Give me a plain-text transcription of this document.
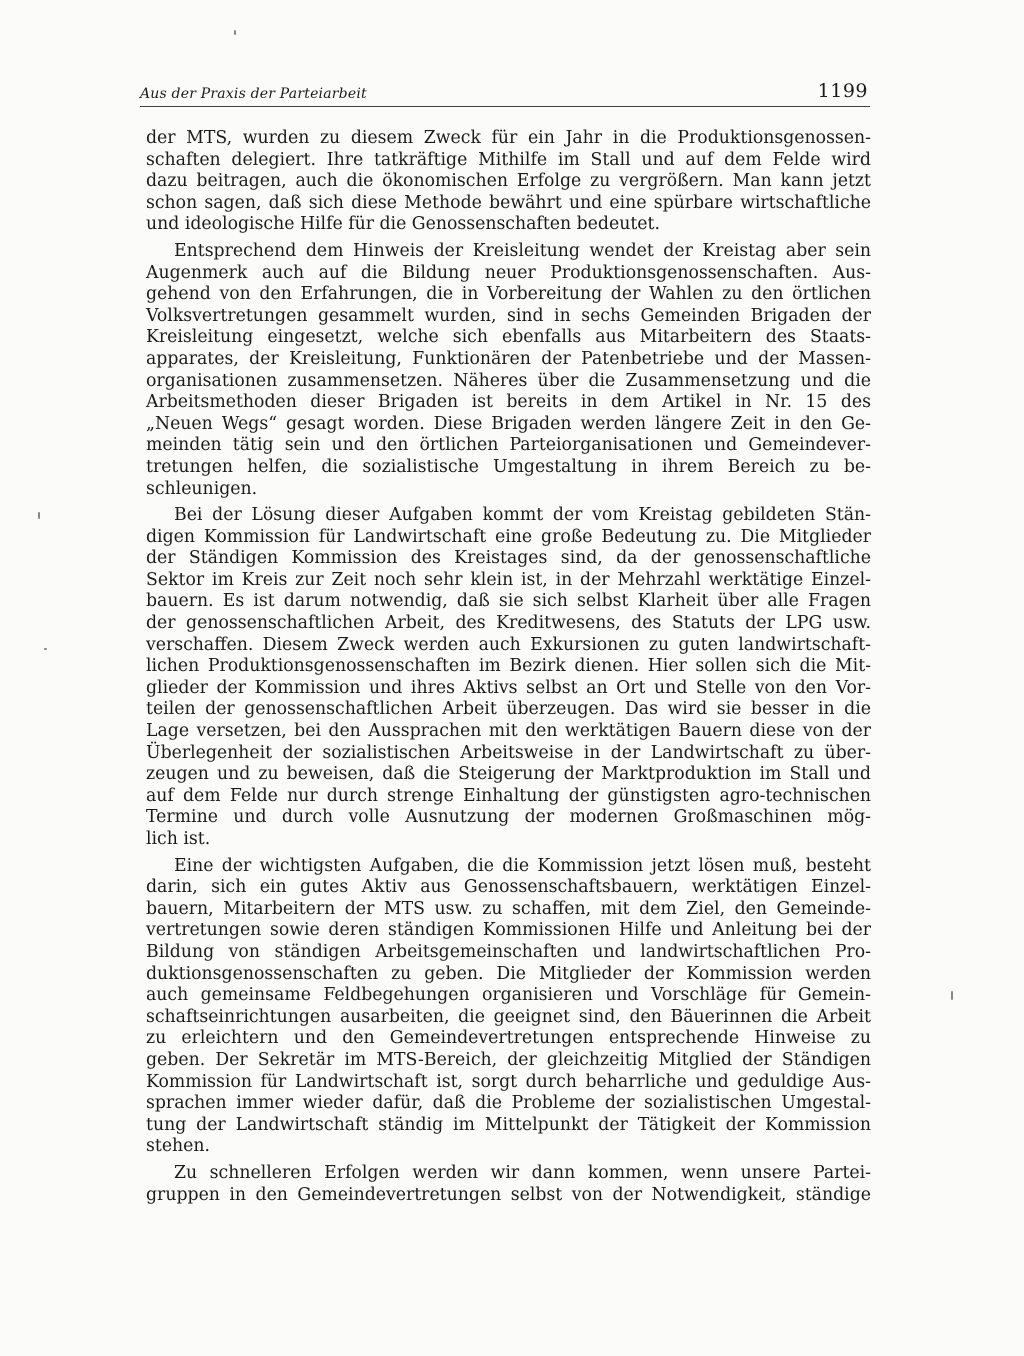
Aus der Praxis der Parteiarbeit	1199
der MTS, wurden zu diesem Zweck für ein Jahr in die Produktionsgenossen-
schaften delegiert. Ihre tatkräftige Mithilfe im Stall und auf dem Felde wird
dazu beitragen, auch die ökonomischen Erfolge zu vergrößern. Man kann jetzt
schon sagen, daß sich diese Methode bewährt und eine spürbare wirtschaftliche
und ideologische Hilfe für die Genossenschaften bedeutet.
Entsprechend dem Hinweis der Kreisleitung wendet der Kreistag aber sein
Augenmerk auch auf die Bildung neuer Produktionsgenossenschaften. Aus-
gehend von den Erfahrungen, die in Vorbereitung der Wahlen zu den örtlichen
Volksvertretungen gesammelt wurden, sind in sechs Gemeinden Brigaden der
Kreisleitung eingesetzt, welche sich ebenfalls aus Mitarbeitern des Staats-
apparates, der Kreisleitung, Funktionären der Patenbetriebe und der Massen-
organisationen zusammensetzen. Näheres über die Zusammensetzung und die
Arbeitsmethoden dieser Brigaden ist bereits in dem Artikel in Nr. 15 des
„Neuen Wegs“ gesagt worden. Diese Brigaden werden längere Zeit in den Ge-
meinden tätig sein und den örtlichen Parteiorganisationen und Gemeindever-
tretungen helfen, die sozialistische Umgestaltung in ihrem Bereich zu be-
schleunigen.
Bei der Lösung dieser Aufgaben kommt der vom Kreistag gebildeten Stän-
digen Kommission für Landwirtschaft eine große Bedeutung zu. Die Mitglieder
der Ständigen Kommission des Kreistages sind, da der genossenschaftliche
Sektor im Kreis zur Zeit noch sehr klein ist, in der Mehrzahl werktätige Einzel-
bauern. Es ist darum notwendig, daß sie sich selbst Klarheit über alle Fragen
der genossenschaftlichen Arbeit, des Kreditwesens, des Statuts der LPG usw.
verschaffen. Diesem Zweck werden auch Exkursionen zu guten landwirtschaft-
lichen Produktionsgenossenschaften im Bezirk dienen. Hier sollen sich die Mit-
glieder der Kommission und ihres Aktivs selbst an Ort und Stelle von den Vor-
teilen der genossenschaftlichen Arbeit überzeugen. Das wird sie besser in die
Lage versetzen, bei den Aussprachen mit den werktätigen Bauern diese von der
Überlegenheit der sozialistischen Arbeitsweise in der Landwirtschaft zu über-
zeugen und zu beweisen, daß die Steigerung der Marktproduktion im Stall und
auf dem Felde nur durch strenge Einhaltung der günstigsten agro-technischen
Termine und durch volle Ausnutzung der modernen Großmaschinen mög-
lich ist.
Eine der wichtigsten Aufgaben, die die Kommission jetzt lösen muß, besteht
darin, sich ein gutes Aktiv aus Genossenschaftsbauern, werktätigen Einzel-
bauern, Mitarbeitern der MTS usw. zu schaffen, mit dem Ziel, den Gemeinde-
vertretungen sowie deren ständigen Kommissionen Hilfe und Anleitung bei der
Bildung von ständigen Arbeitsgemeinschaften und landwirtschaftlichen Pro-
duktionsgenossenschaften zu geben. Die Mitglieder der Kommission werden
auch gemeinsame Feldbegehungen organisieren und Vorschläge für Gemein-
schaftseinrichtungen ausarbeiten, die geeignet sind, den Bäuerinnen die Arbeit
zu erleichtern und den Gemeindevertretungen entsprechende Hinweise zu
geben. Der Sekretär im MTS-Bereich, der gleichzeitig Mitglied der Ständigen
Kommission für Landwirtschaft ist, sorgt durch beharrliche und geduldige Aus-
sprachen immer wieder dafür, daß die Probleme der sozialistischen Umgestal-
tung der Landwirtschaft ständig im Mittelpunkt der Tätigkeit der Kommission
stehen.
Zu schnelleren Erfolgen werden wir dann kommen, wenn unsere Partei-
gruppen in den Gemeindevertretungen selbst von der Notwendigkeit, ständige
